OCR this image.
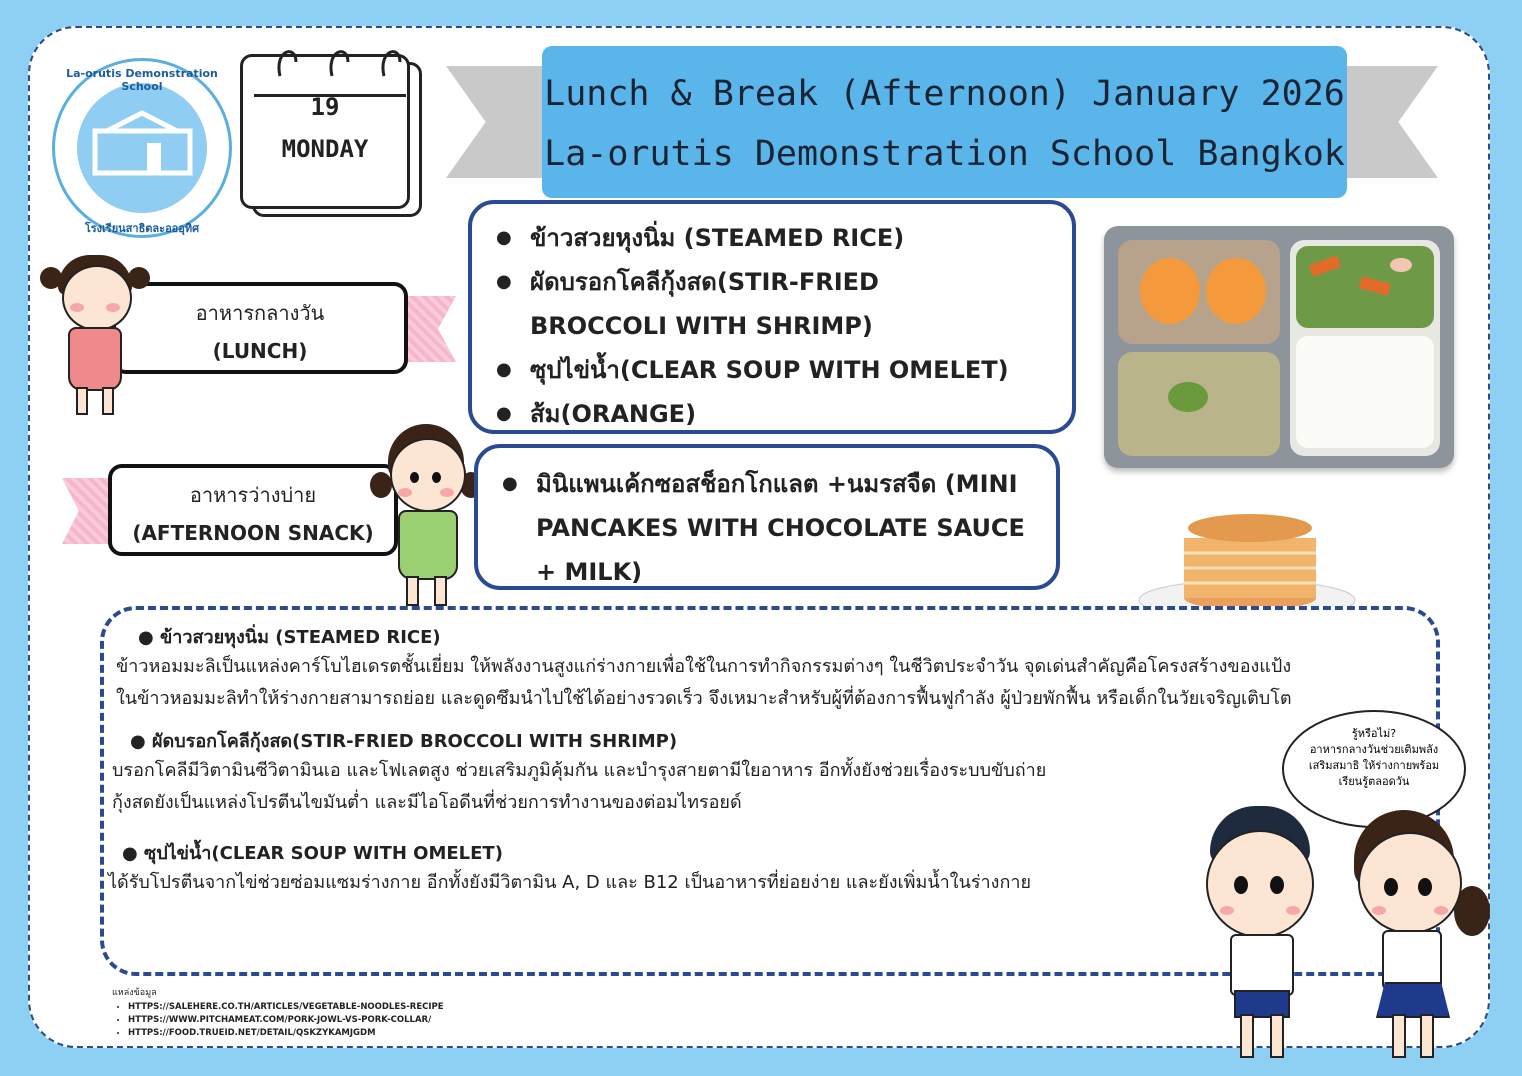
La-orutis Demonstration School
โรงเรียนสาธิตละอออุทิศ
19
MONDAY
Lunch & Break (Afternoon) January 2026
La-orutis Demonstration School Bangkok
อาหารกลางวัน
(LUNCH)
● ข้าวสวยหุงนิ่ม (STEAMED RICE)
● ผัดบรอกโคลีกุ้งสด(STIR-FRIED BROCCOLI WITH SHRIMP)
● ซุปไข่น้ำ(CLEAR SOUP WITH OMELET)
● ส้ม(ORANGE)
อาหารว่างบ่าย
(AFTERNOON SNACK)
● มินิแพนเค้กซอสช็อกโกแลต +นมรสจืด (MINI PANCAKES WITH CHOCOLATE SAUCE + MILK)
● ข้าวสวยหุงนิ่ม (STEAMED RICE)

ข้าวหอมมะลิเป็นแหล่งคาร์โบไฮเดรตชั้นเยี่ยม ให้พลังงานสูงแก่ร่างกายเพื่อใช้ในการทำกิจกรรมต่างๆ ในชีวิตประจำวัน จุดเด่นสำคัญคือโครงสร้างของแป้ง

ในข้าวหอมมะลิทำให้ร่างกายสามารถย่อย และดูดซึมนำไปใช้ได้อย่างรวดเร็ว จึงเหมาะสำหรับผู้ที่ต้องการฟื้นฟูกำลัง ผู้ป่วยพักฟื้น หรือเด็กในวัยเจริญเติบโต

● ผัดบรอกโคลีกุ้งสด(STIR-FRIED BROCCOLI WITH SHRIMP)

บรอกโคลีมีวิตามินซีวิตามินเอ และโฟเลตสูง ช่วยเสริมภูมิคุ้มกัน และบำรุงสายตามีใยอาหาร อีกทั้งยังช่วยเรื่องระบบขับถ่าย

กุ้งสดยังเป็นแหล่งโปรตีนไขมันต่ำ และมีไอโอดีนที่ช่วยการทำงานของต่อมไทรอยด์

● ซุปไข่น้ำ(CLEAR SOUP WITH OMELET)

ได้รับโปรตีนจากไข่ช่วยซ่อมแซมร่างกาย อีกทั้งยังมีวิตามิน A, D และ B12 เป็นอาหารที่ย่อยง่าย และยังเพิ่มน้ำในร่างกาย

รู้หรือไม่?
อาหารกลางวันช่วยเติมพลัง
เสริมสมาธิ ให้ร่างกายพร้อม
เรียนรู้ตลอดวัน
แหล่งข้อมูล
• HTTPS://SALEHERE.CO.TH/ARTICLES/VEGETABLE-NOODLES-RECIPE
• HTTPS://WWW.PITCHAMEAT.COM/PORK-JOWL-VS-PORK-COLLAR/
• HTTPS://FOOD.TRUEID.NET/DETAIL/QSKZYKAMJGDM
